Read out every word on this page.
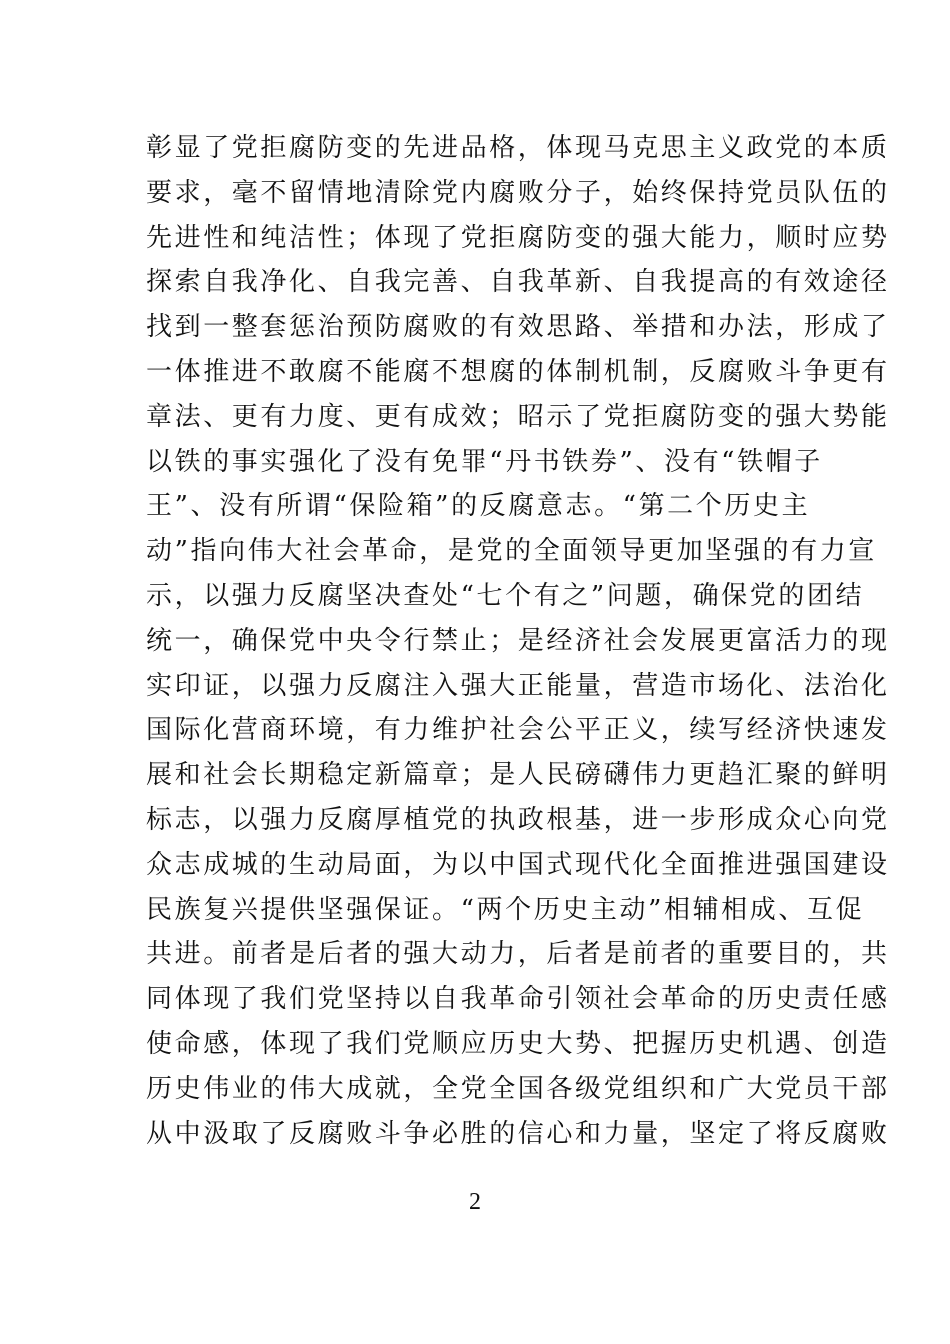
彰显了党拒腐防变的先进品格，体现马克思主义政党的本质
要求，毫不留情地清除党内腐败分子，始终保持党员队伍的
先进性和纯洁性；体现了党拒腐防变的强大能力，顺时应势
探索自我净化、自我完善、自我革新、自我提高的有效途径
找到一整套惩治预防腐败的有效思路、举措和办法，形成了
一体推进不敢腐不能腐不想腐的体制机制，反腐败斗争更有
章法、更有力度、更有成效；昭示了党拒腐防变的强大势能
以铁的事实强化了没有免罪“丹书铁券”、没有“铁帽子
王”、没有所谓“保险箱”的反腐意志。“第二个历史主
动”指向伟大社会革命，是党的全面领导更加坚强的有力宣
示，以强力反腐坚决查处“七个有之”问题，确保党的团结
统一，确保党中央令行禁止；是经济社会发展更富活力的现
实印证，以强力反腐注入强大正能量，营造市场化、法治化
国际化营商环境，有力维护社会公平正义，续写经济快速发
展和社会长期稳定新篇章；是人民磅礴伟力更趋汇聚的鲜明
标志，以强力反腐厚植党的执政根基，进一步形成众心向党
众志成城的生动局面，为以中国式现代化全面推进强国建设
民族复兴提供坚强保证。“两个历史主动”相辅相成、互促
共进。前者是后者的强大动力，后者是前者的重要目的，共
同体现了我们党坚持以自我革命引领社会革命的历史责任感
使命感，体现了我们党顺应历史大势、把握历史机遇、创造
历史伟业的伟大成就，全党全国各级党组织和广大党员干部
从中汲取了反腐败斗争必胜的信心和力量，坚定了将反腐败
2
